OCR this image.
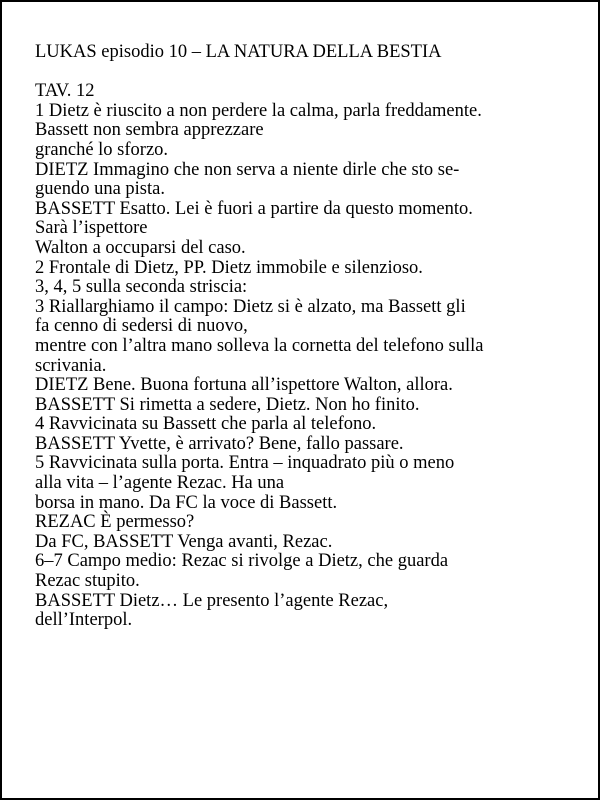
LUKAS episodio 10 – LA NATURA DELLA BESTIA
TAV. 12
1 Dietz è riuscito a non perdere la calma, parla freddamente.
Bassett non sembra apprezzare
granché lo sforzo.
DIETZ Immagino che non serva a niente dirle che sto se-
guendo una pista.
BASSETT Esatto. Lei è fuori a partire da questo momento.
Sarà l’ispettore
Walton a occuparsi del caso.
2 Frontale di Dietz, PP. Dietz immobile e silenzioso.
3, 4, 5 sulla seconda striscia:
3 Riallarghiamo il campo: Dietz si è alzato, ma Bassett gli
fa cenno di sedersi di nuovo,
mentre con l’altra mano solleva la cornetta del telefono sulla
scrivania.
DIETZ Bene. Buona fortuna all’ispettore Walton, allora.
BASSETT Si rimetta a sedere, Dietz. Non ho finito.
4 Ravvicinata su Bassett che parla al telefono.
BASSETT Yvette, è arrivato? Bene, fallo passare.
5 Ravvicinata sulla porta. Entra – inquadrato più o meno
alla vita – l’agente Rezac. Ha una
borsa in mano. Da FC la voce di Bassett.
REZAC È permesso?
Da FC, BASSETT Venga avanti, Rezac.
6–7 Campo medio: Rezac si rivolge a Dietz, che guarda
Rezac stupito.
BASSETT Dietz… Le presento l’agente Rezac,
dell’Interpol.
